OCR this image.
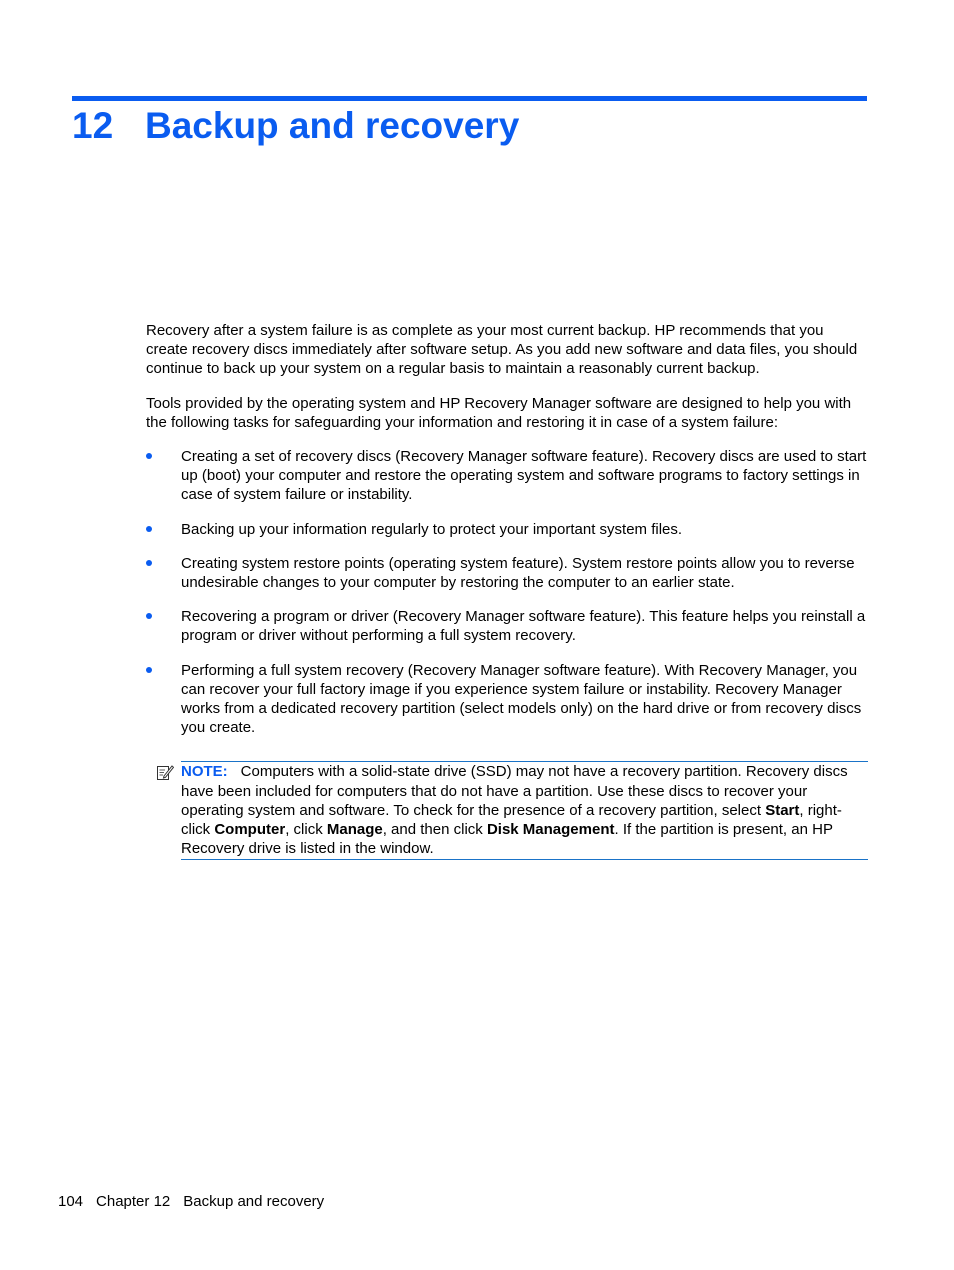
12 Backup and recovery

Recovery after a system failure is as complete as your most current backup. HP recommends that you create recovery discs immediately after software setup. As you add new software and data files, you should continue to back up your system on a regular basis to maintain a reasonably current backup.

Tools provided by the operating system and HP Recovery Manager software are designed to help you with the following tasks for safeguarding your information and restoring it in case of a system failure:

Creating a set of recovery discs (Recovery Manager software feature). Recovery discs are used to start up (boot) your computer and restore the operating system and software programs to factory settings in case of system failure or instability.
Backing up your information regularly to protect your important system files.
Creating system restore points (operating system feature). System restore points allow you to reverse undesirable changes to your computer by restoring the computer to an earlier state.
Recovering a program or driver (Recovery Manager software feature). This feature helps you reinstall a program or driver without performing a full system recovery.
Performing a full system recovery (Recovery Manager software feature). With Recovery Manager, you can recover your full factory image if you experience system failure or instability. Recovery Manager works from a dedicated recovery partition (select models only) on the hard drive or from recovery discs you create.
NOTE: Computers with a solid-state drive (SSD) may not have a recovery partition. Recovery discs have been included for computers that do not have a partition. Use these discs to recover your operating system and software. To check for the presence of a recovery partition, select Start, right-click Computer, click Manage, and then click Disk Management. If the partition is present, an HP Recovery drive is listed in the window.
104 Chapter 12 Backup and recovery
